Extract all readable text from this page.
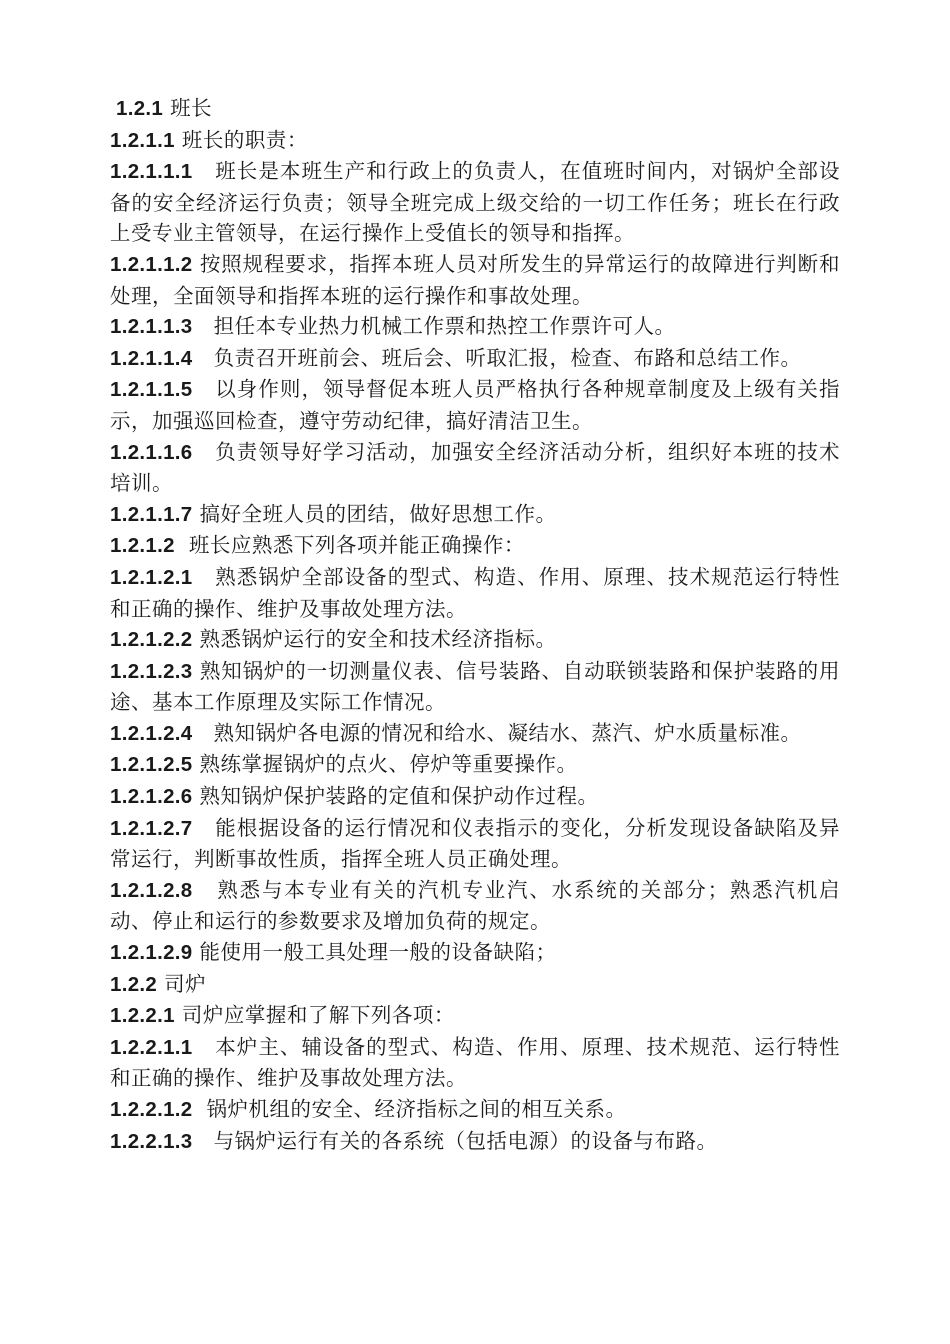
1.2.1 班长

1.2.1.1 班长的职责：

1.2.1.1.1 班长是本班生产和行政上的负责人，在值班时间内，对锅炉全部设备的安全经济运行负责；领导全班完成上级交给的一切工作任务；班长在行政上受专业主管领导，在运行操作上受值长的领导和指挥。

1.2.1.1.2 按照规程要求，指挥本班人员对所发生的异常运行的故障进行判断和处理，全面领导和指挥本班的运行操作和事故处理。

1.2.1.1.3 担任本专业热力机械工作票和热控工作票许可人。

1.2.1.1.4 负责召开班前会、班后会、听取汇报，检查、布路和总结工作。

1.2.1.1.5 以身作则，领导督促本班人员严格执行各种规章制度及上级有关指示，加强巡回检查，遵守劳动纪律，搞好清洁卫生。

1.2.1.1.6 负责领导好学习活动，加强安全经济活动分析，组织好本班的技术培训。

1.2.1.1.7 搞好全班人员的团结，做好思想工作。

1.2.1.2 班长应熟悉下列各项并能正确操作：

1.2.1.2.1 熟悉锅炉全部设备的型式、构造、作用、原理、技术规范运行特性和正确的操作、维护及事故处理方法。

1.2.1.2.2 熟悉锅炉运行的安全和技术经济指标。

1.2.1.2.3 熟知锅炉的一切测量仪表、信号装路、自动联锁装路和保护装路的用途、基本工作原理及实际工作情况。

1.2.1.2.4 熟知锅炉各电源的情况和给水、凝结水、蒸汽、炉水质量标准。

1.2.1.2.5 熟练掌握锅炉的点火、停炉等重要操作。

1.2.1.2.6 熟知锅炉保护装路的定值和保护动作过程。

1.2.1.2.7 能根据设备的运行情况和仪表指示的变化，分析发现设备缺陷及异常运行，判断事故性质，指挥全班人员正确处理。

1.2.1.2.8 熟悉与本专业有关的汽机专业汽、水系统的关部分；熟悉汽机启动、停止和运行的参数要求及增加负荷的规定。

1.2.1.2.9 能使用一般工具处理一般的设备缺陷；

1.2.2 司炉

1.2.2.1 司炉应掌握和了解下列各项：

1.2.2.1.1 本炉主、辅设备的型式、构造、作用、原理、技术规范、运行特性和正确的操作、维护及事故处理方法。

1.2.2.1.2 锅炉机组的安全、经济指标之间的相互关系。

1.2.2.1.3 与锅炉运行有关的各系统（包括电源）的设备与布路。
